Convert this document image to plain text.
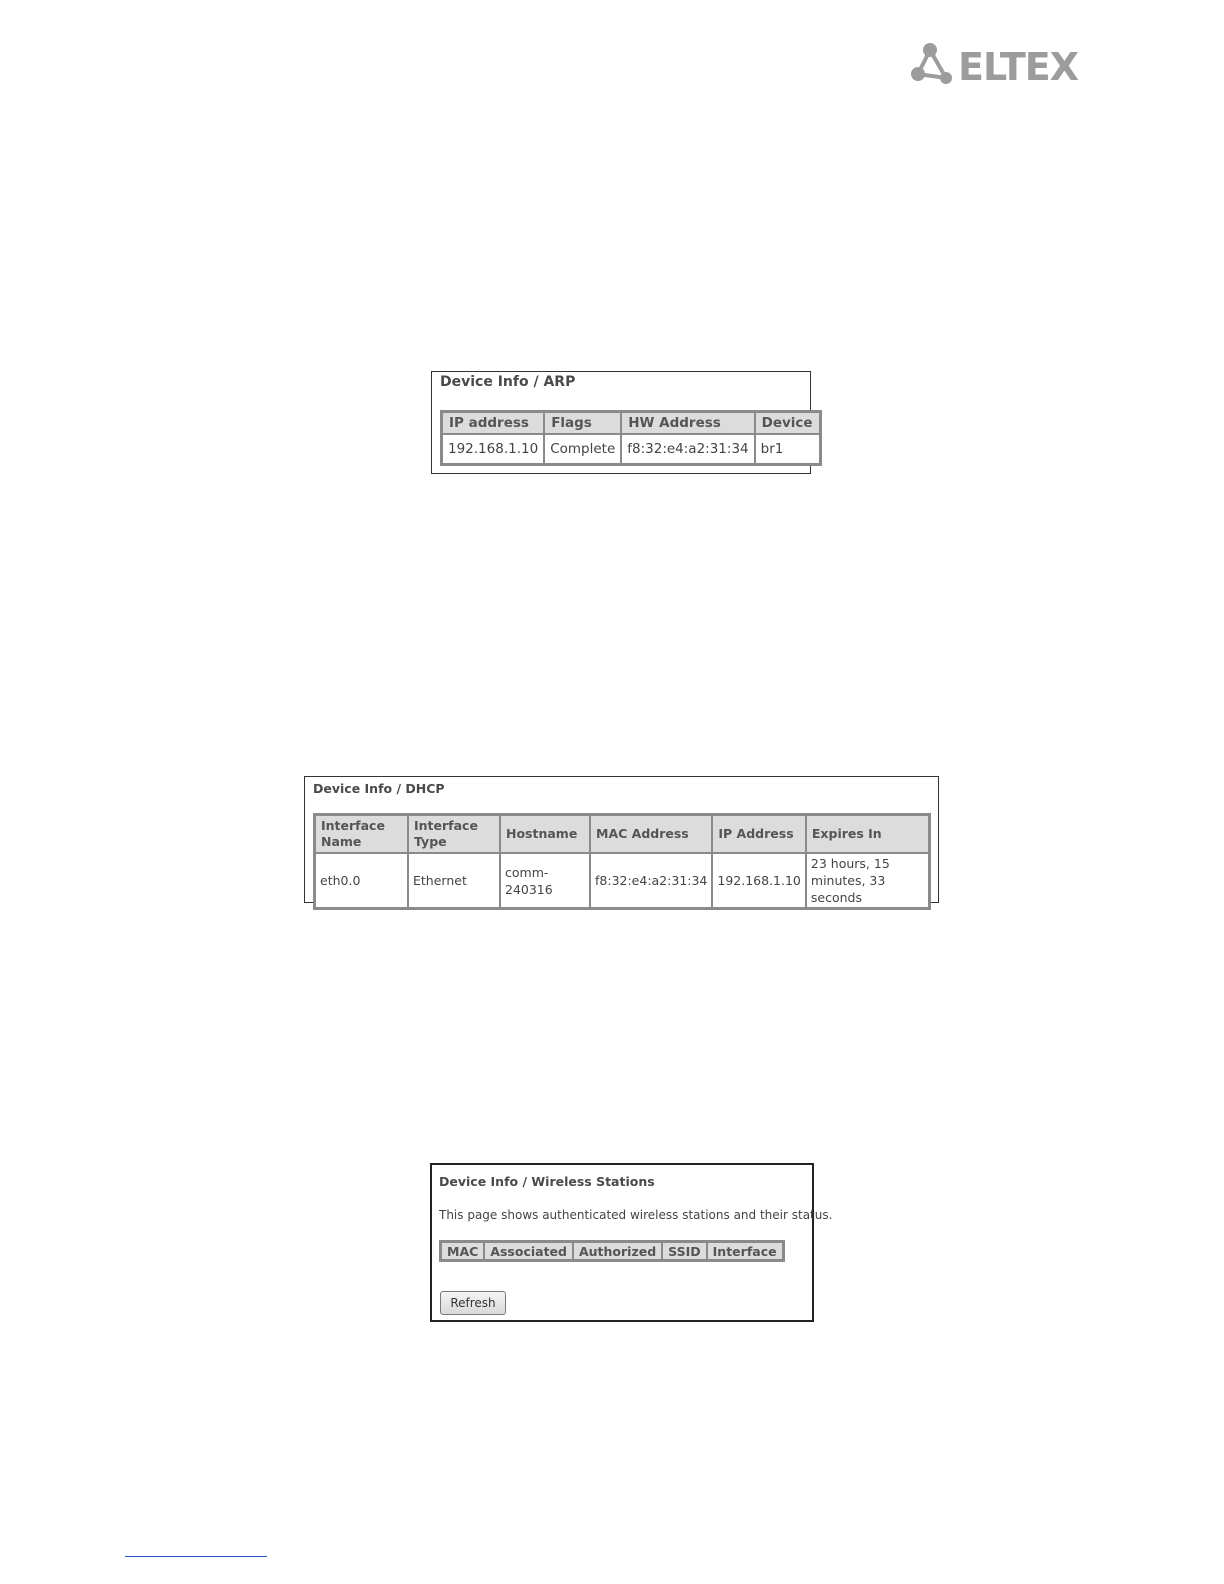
ELTEX
Device Info / ARP
IP address	Flags	HW Address	Device
192.168.1.10	Complete	f8:32:e4:a2:31:34	br1
Device Info / DHCP
Interface Name	Interface Type	Hostname	MAC Address	IP Address	Expires In
eth0.0	Ethernet	comm-240316	f8:32:e4:a2:31:34	192.168.1.10	23 hours, 15 minutes, 33 seconds
Device Info / Wireless Stations
This page shows authenticated wireless stations and their status.
MAC	Associated	Authorized	SSID	Interface
Refresh
